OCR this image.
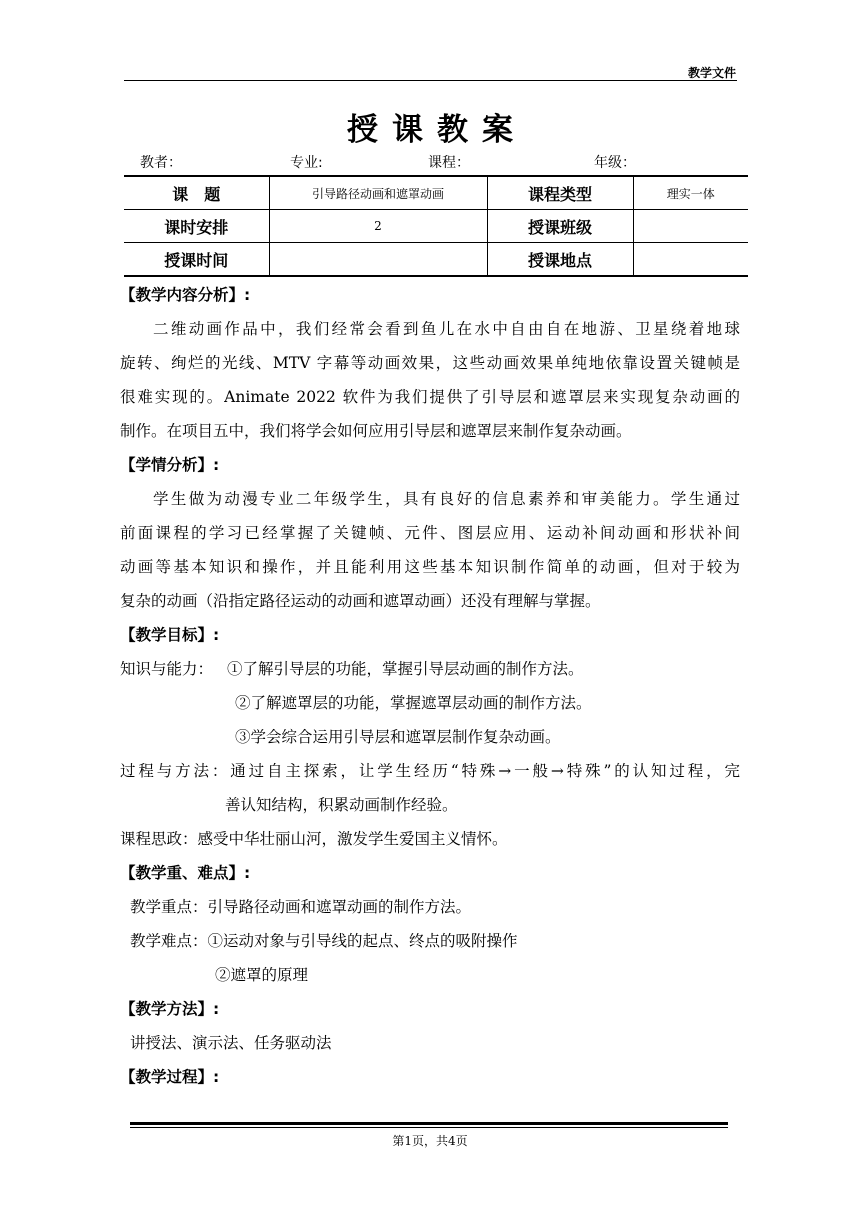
教学文件
授课教案
教者：	专业:	课程：	年级：
课　题	引导路径动画和遮罩动画	课程类型	理实一体
课时安排	2	授课班级	
授课时间		授课地点	
【教学内容分析】:
二维动画作品中，我们经常会看到鱼儿在水中自由自在地游、卫星绕着地球
旋转、绚烂的光线、MTV 字幕等动画效果，这些动画效果单纯地依靠设置关键帧是
很难实现的。Animate 2022 软件为我们提供了引导层和遮罩层来实现复杂动画的
制作。在项目五中，我们将学会如何应用引导层和遮罩层来制作复杂动画。
【学情分析】:
学生做为动漫专业二年级学生，具有良好的信息素养和审美能力。学生通过
前面课程的学习已经掌握了关键帧、元件、图层应用、运动补间动画和形状补间
动画等基本知识和操作，并且能利用这些基本知识制作简单的动画，但对于较为
复杂的动画（沿指定路径运动的动画和遮罩动画）还没有理解与掌握。
【教学目标】:
知识与能力： ①了解引导层的功能，掌握引导层动画的制作方法。
②了解遮罩层的功能，掌握遮罩层动画的制作方法。
③学会综合运用引导层和遮罩层制作复杂动画。
过程与方法：通过自主探索，让学生经历“特殊→一般→特殊”的认知过程，完
善认知结构，积累动画制作经验。
课程思政：感受中华壮丽山河，激发学生爱国主义情怀。
【教学重、难点】:
教学重点：引导路径动画和遮罩动画的制作方法。
教学难点：①运动对象与引导线的起点、终点的吸附操作
②遮罩的原理
【教学方法】:
讲授法、演示法、任务驱动法
【教学过程】:
第1页，共4页
